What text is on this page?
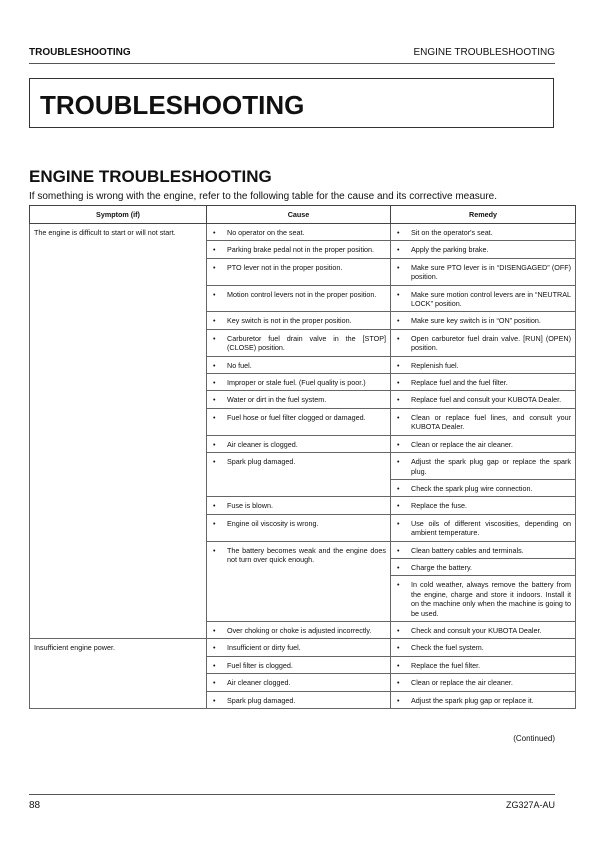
TROUBLESHOOTING	ENGINE TROUBLESHOOTING
TROUBLESHOOTING
ENGINE TROUBLESHOOTING
If something is wrong with the engine, refer to the following table for the cause and its corrective measure.
Symptom (if)	Cause	Remedy
The engine is difficult to start or will not start.	• No operator on the seat.	• Sit on the operator's seat.

	• Parking brake pedal not in the proper position.	• Apply the parking brake.

	• PTO lever not in the proper position.	• Make sure PTO lever is in “DISENGAGED” (OFF) position.

	• Motion control levers not in the proper position.	• Make sure motion control levers are in “NEUTRAL LOCK” position.

	• Key switch is not in the proper position.	• Make sure key switch is in “ON” position.

	• Carburetor fuel drain valve in the [STOP] (CLOSE) position.	• Open carburetor fuel drain valve. [RUN] (OPEN) position.

	• No fuel.	• Replenish fuel.

	• Improper or stale fuel. (Fuel quality is poor.)	• Replace fuel and the fuel filter.

	• Water or dirt in the fuel system.	• Replace fuel and consult your KUBOTA Dealer.

	• Fuel hose or fuel filter clogged or damaged.	• Clean or replace fuel lines, and consult your KUBOTA Dealer.

	• Air cleaner is clogged.	• Clean or replace the air cleaner.

	• Spark plug damaged.	• Adjust the spark plug gap or replace the spark plug.

		• Check the spark plug wire connection.

	• Fuse is blown.	• Replace the fuse.

	• Engine oil viscosity is wrong.	• Use oils of different viscosities, depending on ambient temperature.

	• The battery becomes weak and the engine does not turn over quick enough.	• Clean battery cables and terminals.

		• Charge the battery.

		• In cold weather, always remove the battery from the engine, charge and store it indoors. Install it on the machine only when the machine is going to be used.

	• Over choking or choke is adjusted incorrectly.	• Check and consult your KUBOTA Dealer.

Insufficient engine power.	• Insufficient or dirty fuel.	• Check the fuel system.

	• Fuel filter is clogged.	• Replace the fuel filter.

	• Air cleaner clogged.	• Clean or replace the air cleaner.

	• Spark plug damaged.	• Adjust the spark plug gap or replace it.
(Continued)
88	ZG327A-AU
